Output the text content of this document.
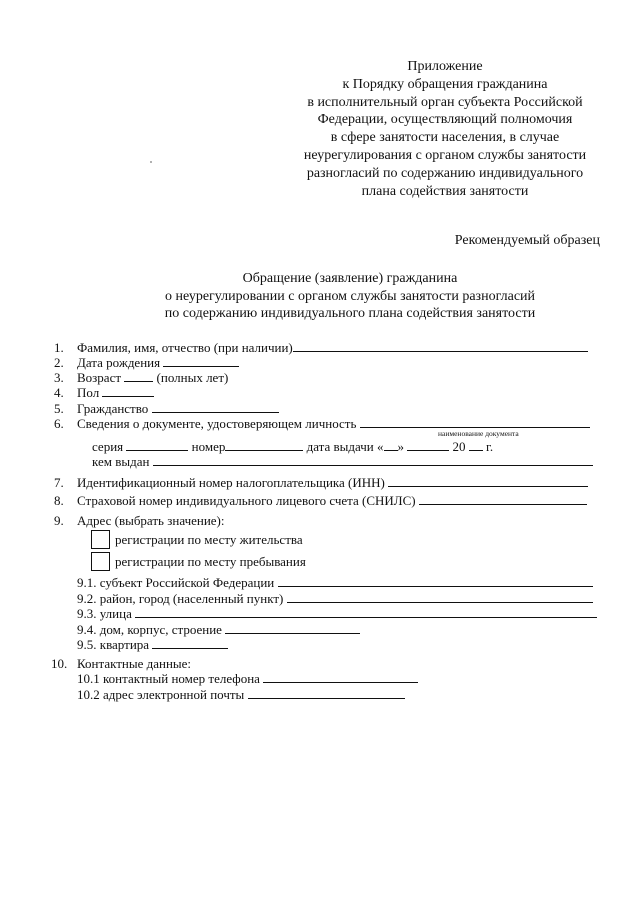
Приложение
к Порядку обращения гражданина
в исполнительный орган субъекта Российской
Федерации, осуществляющий полномочия
в сфере занятости населения, в случае
неурегулирования с органом службы занятости
разногласий по содержанию индивидуального
плана содействия занятости
Рекомендуемый образец
Обращение (заявление) гражданина
о неурегулировании с органом службы занятости разногласий
по содержанию индивидуального плана содействия занятости
1. Фамилия, имя, отчество (при наличии)
2. Дата рождения
3. Возраст	(полных лет)
4. Пол
5. Гражданство
6. Сведения о документе, удостоверяющем личность
наименование документа
серия	номер	дата выдачи « »	20 г.
кем выдан
7. Идентификационный номер налогоплательщика (ИНН)
8. Страховой номер индивидуального лицевого счета (СНИЛС)
9. Адрес (выбрать значение):
регистрации по месту жительства
регистрации по месту пребывания
9.1. субъект Российской Федерации
9.2. район, город (населенный пункт)
9.3. улица
9.4. дом, корпус, строение
9.5. квартира
10. Контактные данные:
10.1 контактный номер телефона
10.2 адрес электронной почты
